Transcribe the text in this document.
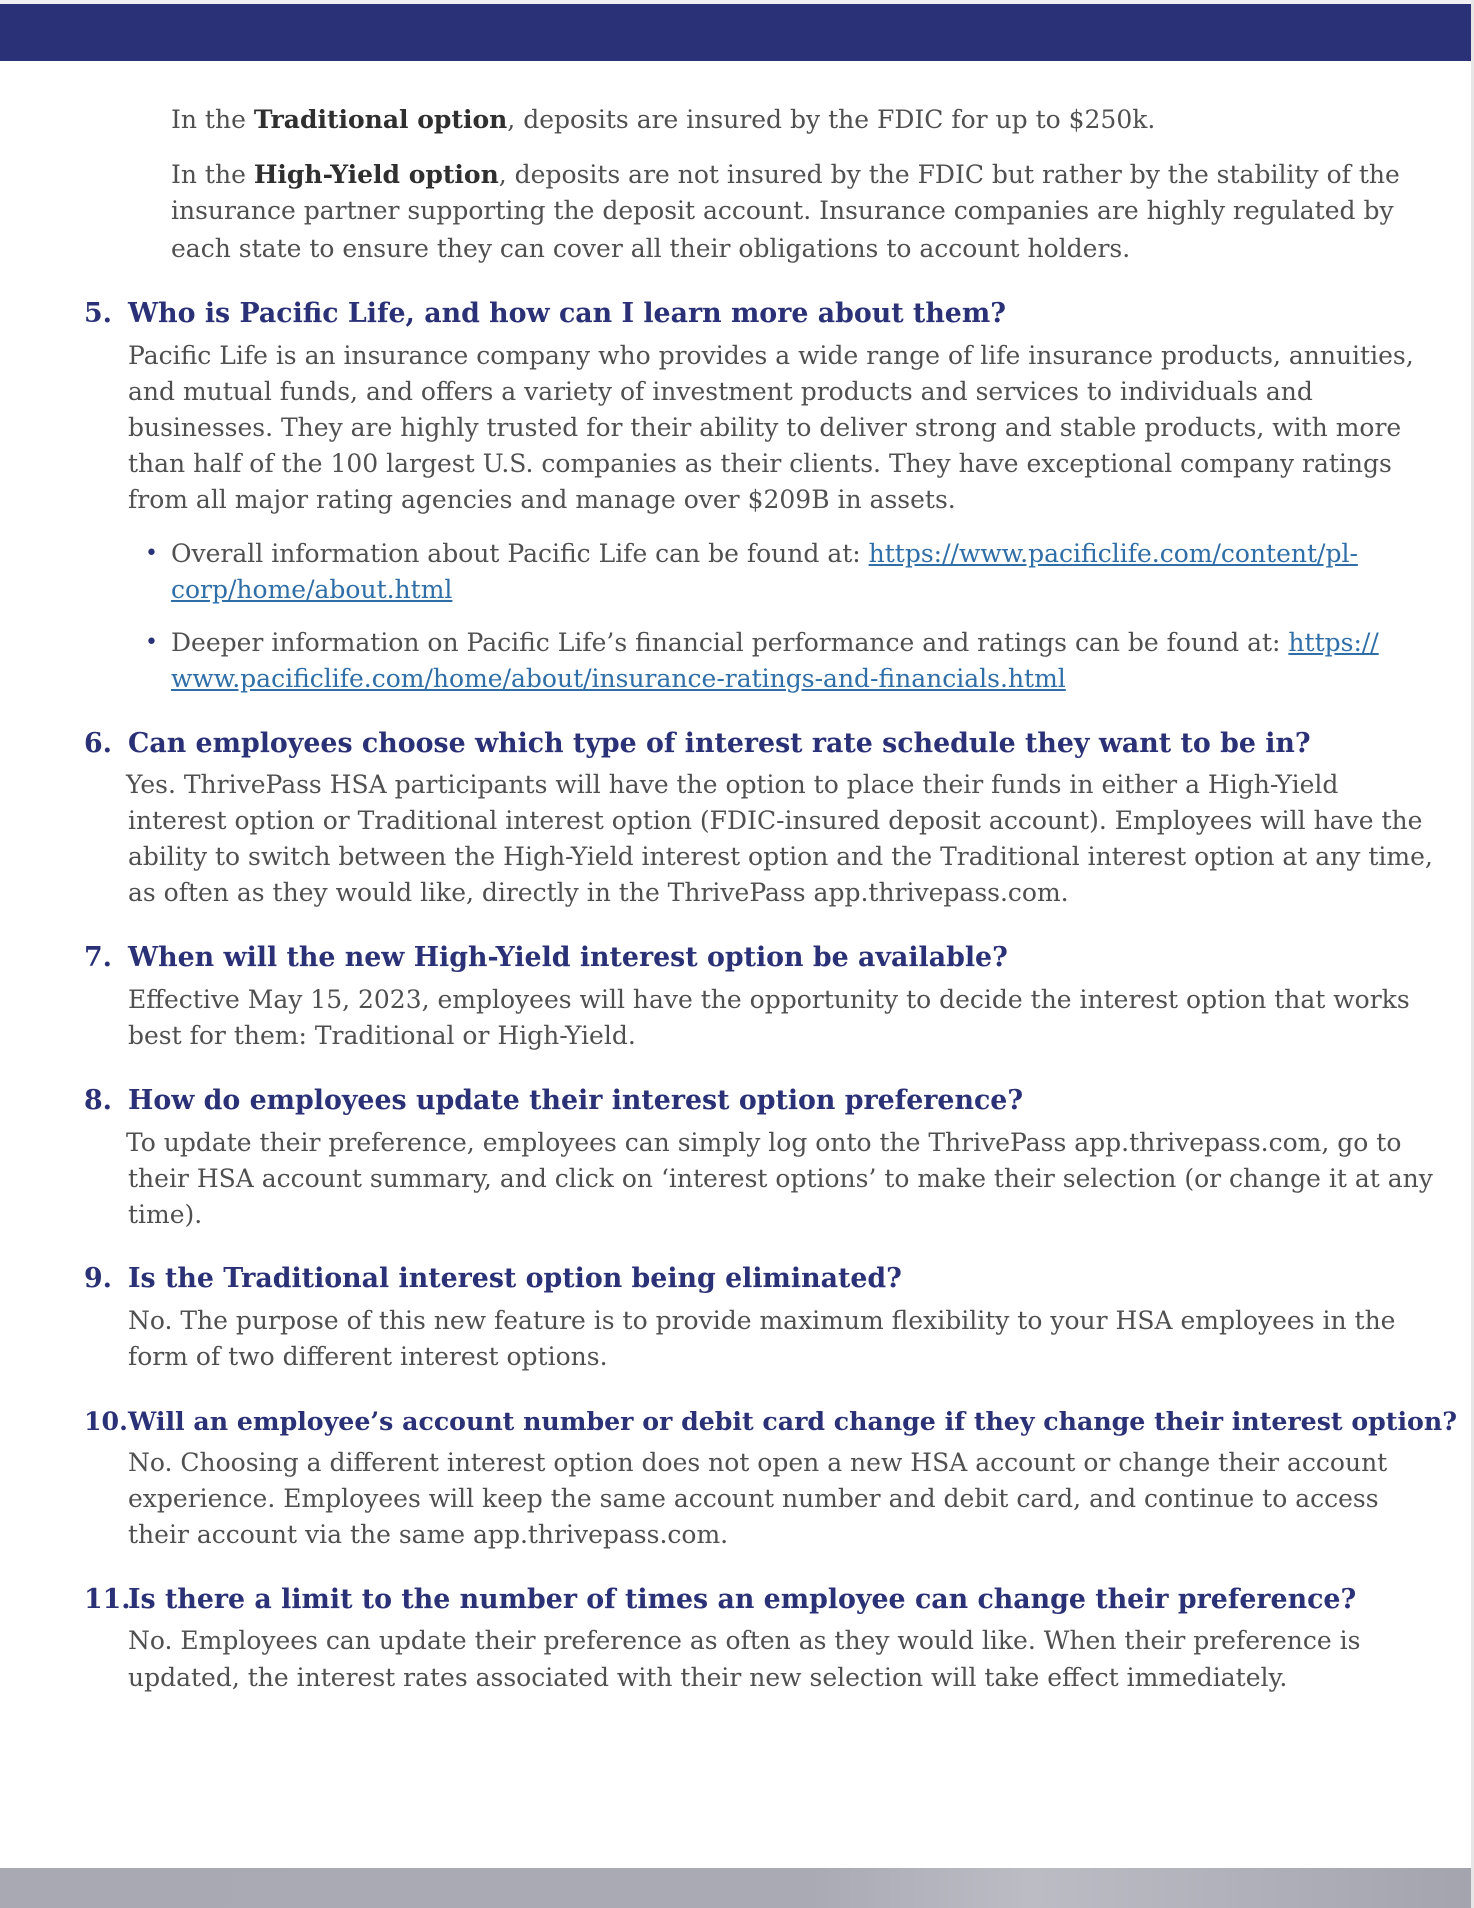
In the Traditional option, deposits are insured by the FDIC for up to $250k.

In the High-Yield option, deposits are not insured by the FDIC but rather by the stability of the

insurance partner supporting the deposit account. Insurance companies are highly regulated by

each state to ensure they can cover all their obligations to account holders.

5. Who is Pacific Life, and how can I learn more about them?

Pacific Life is an insurance company who provides a wide range of life insurance products, annuities,

and mutual funds, and offers a variety of investment products and services to individuals and

businesses. They are highly trusted for their ability to deliver strong and stable products, with more

than half of the 100 largest U.S. companies as their clients. They have exceptional company ratings

from all major rating agencies and manage over $209B in assets.

• Overall information about Pacific Life can be found at: https://www.pacificlife.com/content/pl-

corp/home/about.html

• Deeper information on Pacific Life’s financial performance and ratings can be found at: https://

www.pacificlife.com/home/about/insurance-ratings-and-financials.html

6. Can employees choose which type of interest rate schedule they want to be in?

Yes. ThrivePass HSA participants will have the option to place their funds in either a High-Yield

interest option or Traditional interest option (FDIC-insured deposit account). Employees will have the

ability to switch between the High-Yield interest option and the Traditional interest option at any time,

as often as they would like, directly in the ThrivePass app.thrivepass.com.

7. When will the new High-Yield interest option be available?

Effective May 15, 2023, employees will have the opportunity to decide the interest option that works

best for them: Traditional or High-Yield.

8. How do employees update their interest option preference?

To update their preference, employees can simply log onto the ThrivePass app.thrivepass.com, go to

their HSA account summary, and click on ‘interest options’ to make their selection (or change it at any

time).

9. Is the Traditional interest option being eliminated?

No. The purpose of this new feature is to provide maximum flexibility to your HSA employees in the

form of two different interest options.

10.Will an employee’s account number or debit card change if they change their interest option?

No. Choosing a different interest option does not open a new HSA account or change their account

experience. Employees will keep the same account number and debit card, and continue to access

their account via the same app.thrivepass.com.

11.Is there a limit to the number of times an employee can change their preference?

No. Employees can update their preference as often as they would like. When their preference is

updated, the interest rates associated with their new selection will take effect immediately.
